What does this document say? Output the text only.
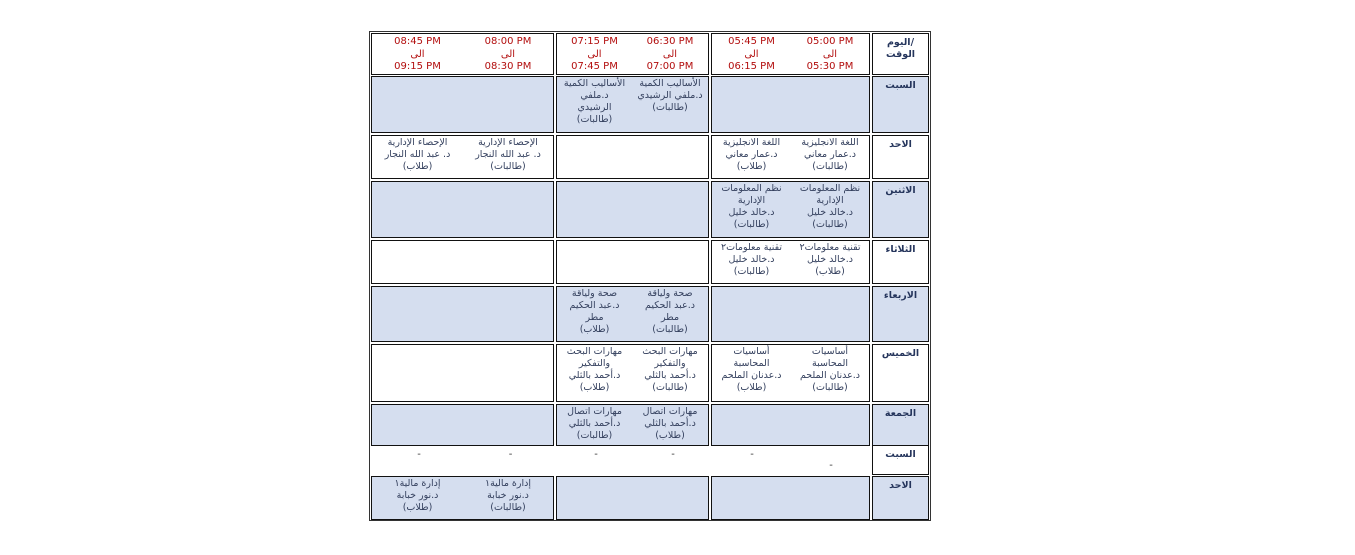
اليوم/
الوقت
05:00 PM
الى
05:30 PM
05:45 PM
الى
06:15 PM
06:30 PM
الى
07:00 PM
07:15 PM
الى
07:45 PM
08:00 PM
الى
08:30 PM
08:45 PM
الى
09:15 PM
السبت
الأساليب الكمية
د.ملفي الرشيدي
(طالبات)
الأساليب الكمية
د.ملفي
الرشيدي
(طالبات)
الاحد
اللغة الانجليزية
د.عمار معاني
(طالبات)
اللغة الانجليزية
د.عمار معاني
(طلاب)
الإحصاء الإدارية
د. عبد الله النجار
(طالبات)
الإحصاء الإدارية
د. عبد الله النجار
(طلاب)
الاثنين
نظم المعلومات
الإدارية
د.خالد خليل
(طالبات)
نظم المعلومات
الإدارية
د.خالد خليل
(طالبات)
الثلاثاء
تقنية معلومات٢
د.خالد خليل
(طلاب)
تقنية معلومات٢
د.خالد خليل
(طالبات)
الاربعاء
صحة ولياقة
د.عبد الحكيم
مطر
(طالبات)
صحة ولياقة
د.عبد الحكيم
مطر
(طلاب)
الخميس
أساسيات
المحاسبة
د.عدنان الملحم
(طالبات)
أساسيات
المحاسبة
د.عدنان الملحم
(طلاب)
مهارات البحث
والتفكير
د.أحمد بالثلي
(طالبات)
مهارات البحث
والتفكير
د.أحمد بالثلي
(طلاب)
الجمعة
مهارات اتصال
د.أحمد بالثلي
(طلاب)
مهارات اتصال
د.أحمد بالثلي
(طالبات)
السبت
-
-
-
-
-
-
الاحد
إدارة مالية١
د.نور خبابة
(طالبات)
إدارة مالية١
د.نور خبابة
(طلاب)
